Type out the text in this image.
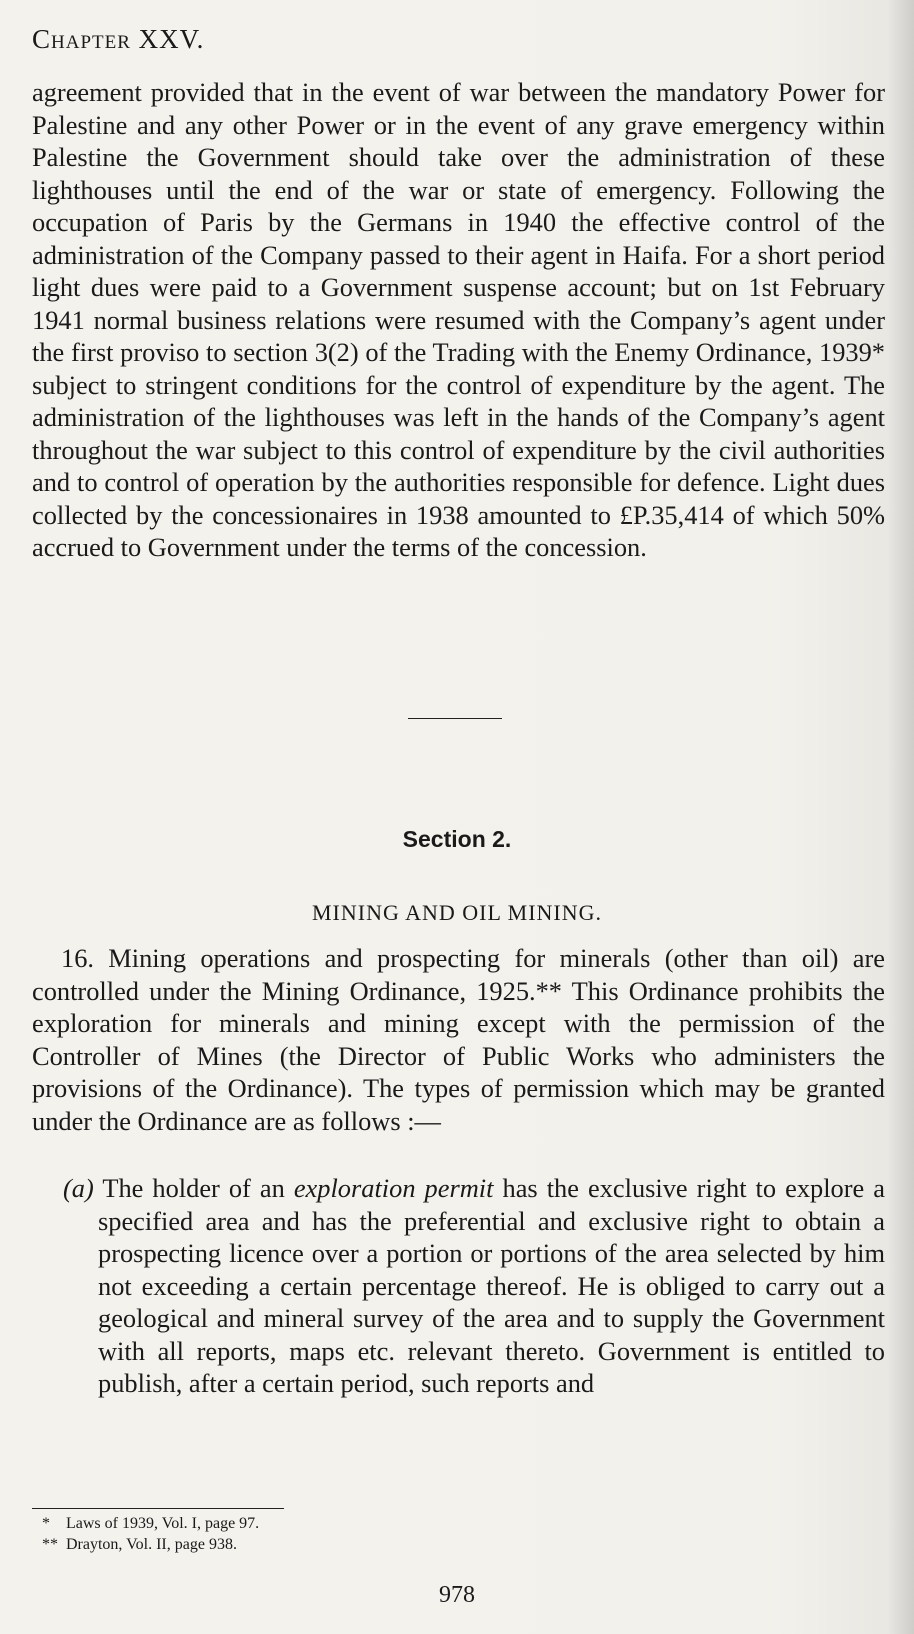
Chapter XXV.

agreement provided that in the event of war between the mandatory Power for Palestine and any other Power or in the event of any grave emergency within Palestine the Government should take over the administration of these lighthouses until the end of the war or state of emergency. Following the occupation of Paris by the Germans in 1940 the effective control of the administration of the Company passed to their agent in Haifa. For a short period light dues were paid to a Government suspense account; but on 1st February 1941 normal business relations were resumed with the Company’s agent under the first proviso to section 3(2) of the Trading with the Enemy Ordinance, 1939* subject to stringent conditions for the control of expenditure by the agent. The administration of the lighthouses was left in the hands of the Company’s agent throughout the war subject to this control of expenditure by the civil authorities and to control of operation by the authorities responsible for defence. Light dues collected by the concessionaires in 1938 amounted to £P.35,414 of which 50% accrued to Government under the terms of the concession.

Section 2.
MINING AND OIL MINING.

16. Mining operations and prospecting for minerals (other than oil) are controlled under the Mining Ordinance, 1925.** This Ordinance prohibits the exploration for minerals and mining except with the permission of the Controller of Mines (the Director of Public Works who administers the provisions of the Ordinance). The types of permission which may be granted under the Ordinance are as follows :—

(a) The holder of an exploration permit has the exclusive right to explore a specified area and has the preferential and exclusive right to obtain a prospecting licence over a portion or portions of the area selected by him not exceeding a certain percentage thereof. He is obliged to carry out a geological and mineral survey of the area and to supply the Government with all reports, maps etc. relevant thereto. Government is entitled to publish, after a certain period, such reports and

* Laws of 1939, Vol. I, page 97.
** Drayton, Vol. II, page 938.
978
